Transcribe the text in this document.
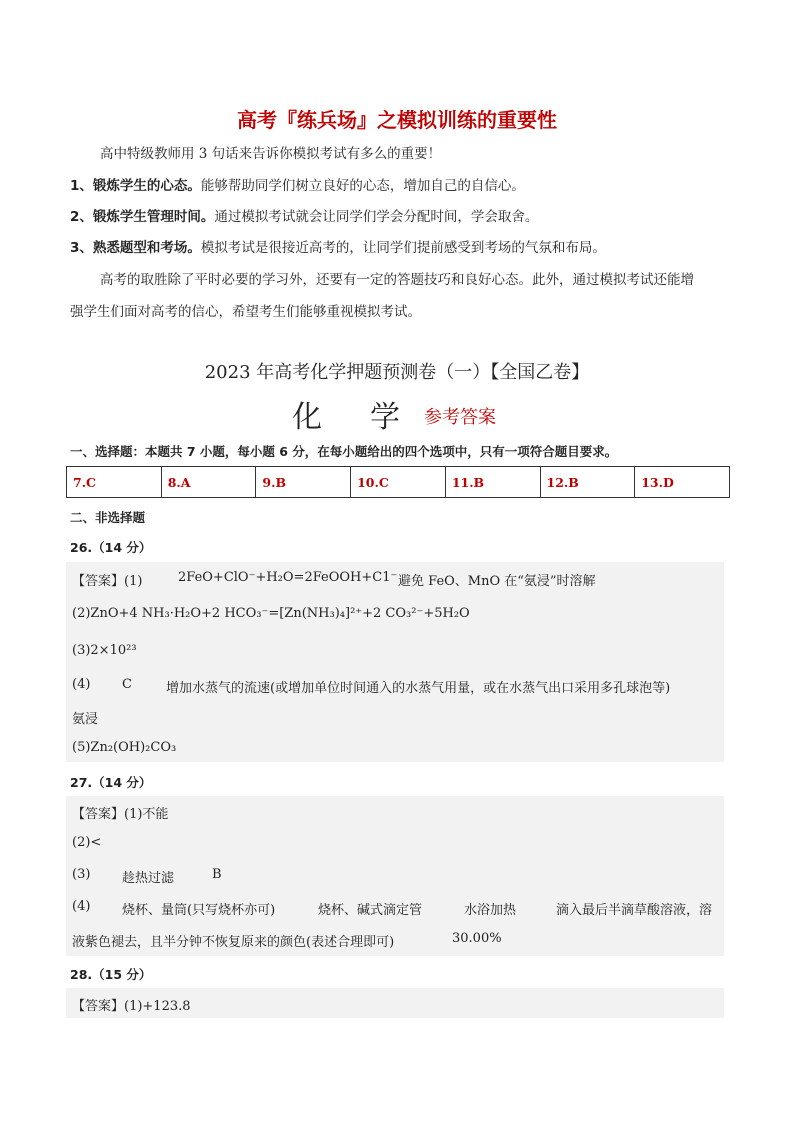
高考『练兵场』之模拟训练的重要性
高中特级教师用 3 句话来告诉你模拟考试有多么的重要！
1、锻炼学生的心态。能够帮助同学们树立良好的心态，增加自己的自信心。
2、锻炼学生管理时间。通过模拟考试就会让同学们学会分配时间，学会取舍。
3、熟悉题型和考场。模拟考试是很接近高考的，让同学们提前感受到考场的气氛和布局。
高考的取胜除了平时必要的学习外，还要有一定的答题技巧和良好心态。此外，通过模拟考试还能增
强学生们面对高考的信心，希望考生们能够重视模拟考试。
2023 年高考化学押题预测卷（一）【全国乙卷】
化 学 参考答案
一、选择题：本题共 7 小题，每小题 6 分，在每小题给出的四个选项中，只有一项符合题目要求。
7.C	8.A	9.B	10.C	11.B	12.B	13.D
二、非选择题
26.（14 分）
【答案】(1)	2FeO+ClO⁻+H₂O=2FeOOH+C1⁻ 避免 FeO、MnO 在“氨浸”时溶解
(2)ZnO+4 NH₃·H₂O+2 HCO₃⁻=[Zn(NH₃)₄]²⁺+2 CO₃²⁻+5H₂O
(3)2×10²³
(4) C	增加水蒸气的流速(或增加单位时间通入的水蒸气用量，或在水蒸气出口采用多孔球泡等)
氨浸
(5)Zn₂(OH)₂CO₃
27.（14 分）
【答案】(1)不能
(2)<
(3) 趁热过滤	B
(4) 烧杯、量筒(只写烧杯亦可)	烧杯、碱式滴定管	水浴加热	滴入最后半滴草酸溶液，溶
液紫色褪去，且半分钟不恢复原来的颜色(表述合理即可)	30.00%
28.（15 分）
【答案】(1)+123.8
